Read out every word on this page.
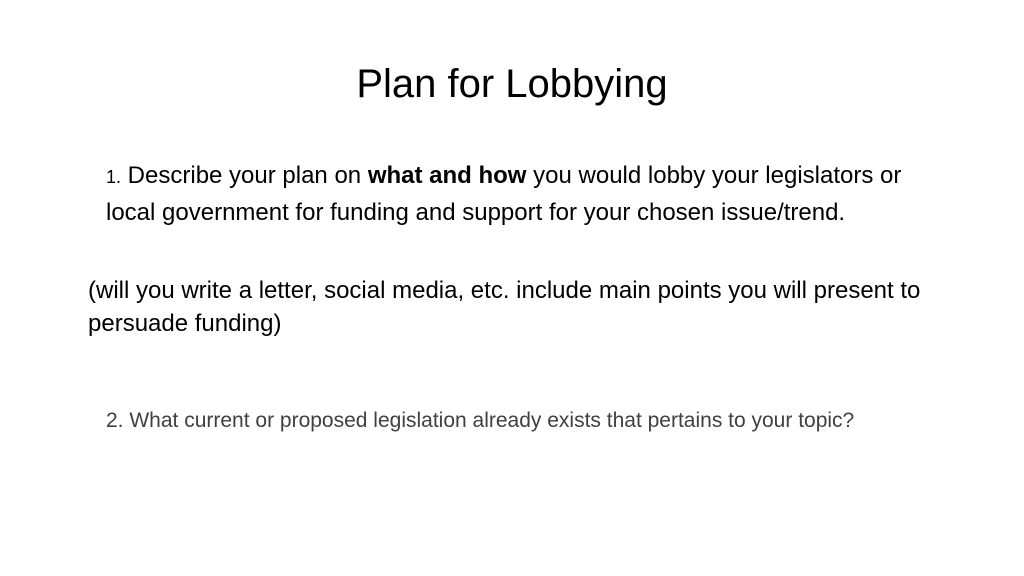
Plan for Lobbying

1. Describe your plan on what and how you would lobby your legislators or local government for funding and support for your chosen issue/trend.

(will you write a letter, social media, etc. include main points you will present to persuade funding)

2. What current or proposed legislation already exists that pertains to your topic?
